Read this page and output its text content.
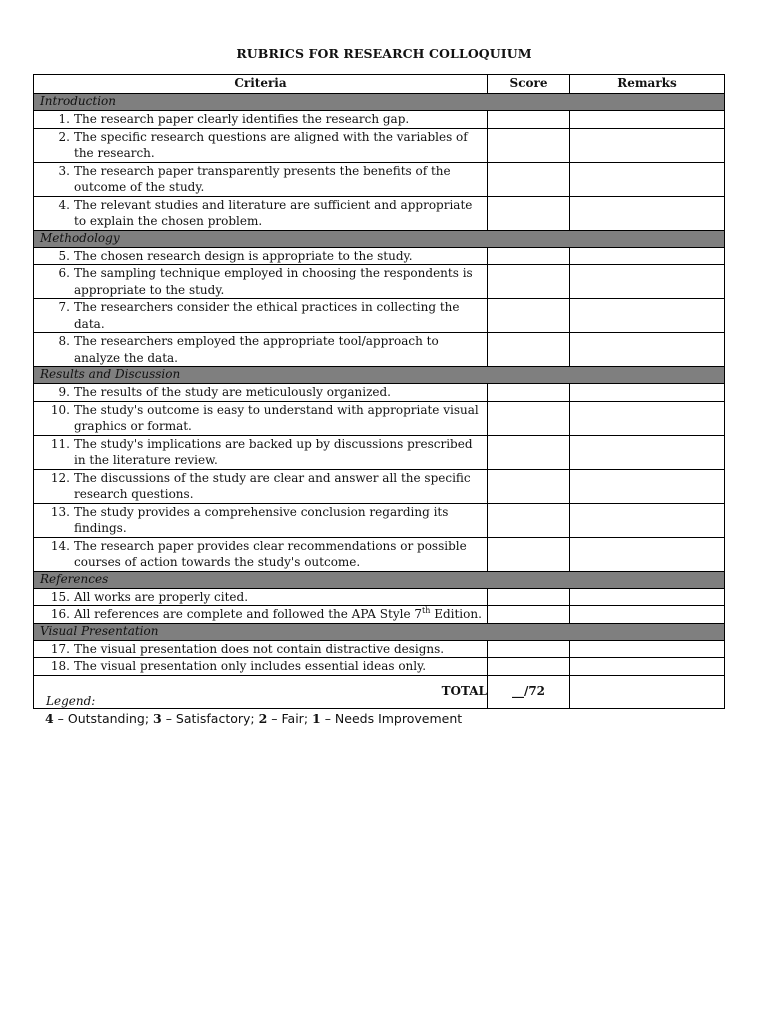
RUBRICS FOR RESEARCH COLLOQUIUM
Criteria	Score	Remarks
Introduction		

1. The research paper clearly identifies the research gap.		

2. The specific research questions are aligned with the variables of the research.		

3. The research paper transparently presents the benefits of the outcome of the study.		

4. The relevant studies and literature are sufficient and appropriate to explain the chosen problem.		

Methodology		

5. The chosen research design is appropriate to the study.		

6. The sampling technique employed in choosing the respondents is appropriate to the study.		

7. The researchers consider the ethical practices in collecting the data.		

8. The researchers employed the appropriate tool/approach to analyze the data.		

Results and Discussion		

9. The results of the study are meticulously organized.		

10. The study's outcome is easy to understand with appropriate visual graphics or format.		

11. The study's implications are backed up by discussions prescribed in the literature review.		

12. The discussions of the study are clear and answer all the specific research questions.		

13. The study provides a comprehensive conclusion regarding its findings.		

14. The research paper provides clear recommendations or possible courses of action towards the study's outcome.		

References		

15. All works are properly cited.		

16. All references are complete and followed the APA Style 7th Edition.		

Visual Presentation		

17. The visual presentation does not contain distractive designs.		

18. The visual presentation only includes essential ideas only.		

TOTAL	__/72	
Legend:
4 – Outstanding; 3 – Satisfactory; 2 – Fair; 1 – Needs Improvement
